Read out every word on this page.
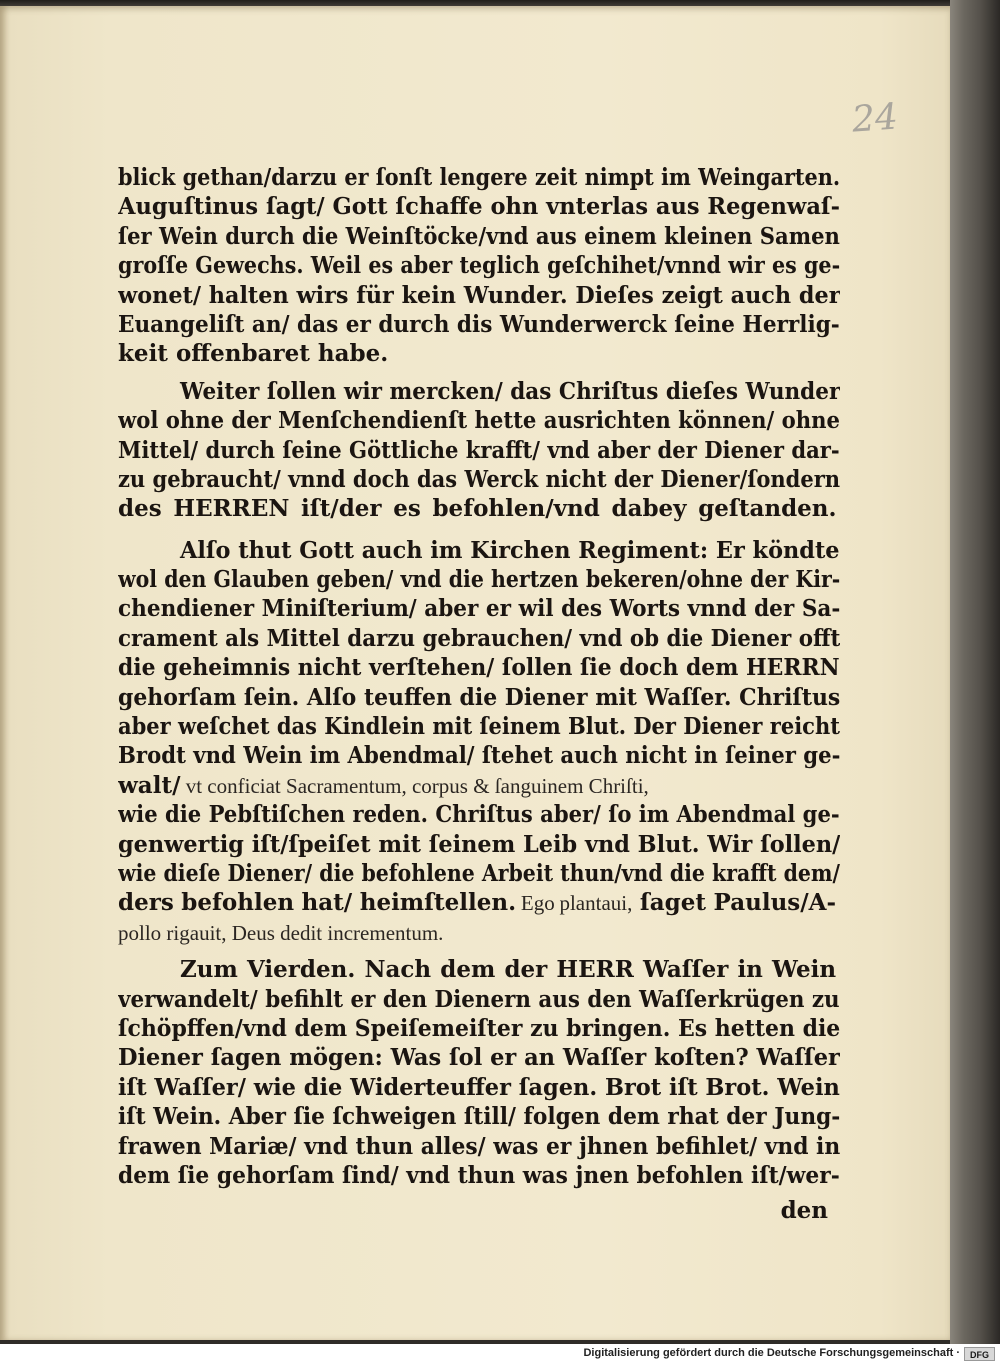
24
blick gethan/darzu er ſonſt lengere zeit nimpt im Weingarten.
Auguſtinus ſagt/ Gott ſchaffe ohn vnterlas aus Regenwaſ-
ſer Wein durch die Weinſtöcke/vnd aus einem kleinen Samen
groſſe Gewechs. Weil es aber teglich geſchihet/vnnd wir es ge-
wonet/ halten wirs für kein Wunder. Dieſes zeigt auch der
Euangeliſt an/ das er durch dis Wunderwerck ſeine Herrlig-
keit offenbaret habe.
Weiter ſollen wir mercken/ das Chriſtus dieſes Wunder
wol ohne der Menſchendienſt hette ausrichten können/ ohne
Mittel/ durch ſeine Göttliche krafft/ vnd aber der Diener dar-
zu gebraucht/ vnnd doch das Werck nicht der Diener/ſondern
des HERREN iſt/der es befohlen/vnd dabey geſtanden.
Alſo thut Gott auch im Kirchen Regiment: Er köndte
wol den Glauben geben/ vnd die hertzen bekeren/ohne der Kir-
chendiener Miniſterium/ aber er wil des Worts vnnd der Sa-
crament als Mittel darzu gebrauchen/ vnd ob die Diener offt
die geheimnis nicht verſtehen/ ſollen ſie doch dem HERRN
gehorſam ſein. Alſo teuffen die Diener mit Waſſer. Chriſtus
aber weſchet das Kindlein mit ſeinem Blut. Der Diener reicht
Brodt vnd Wein im Abendmal/ ſtehet auch nicht in ſeiner ge-
walt/ vt conficiat Sacramentum, corpus & ſanguinem Chriſti,
wie die Pebſtiſchen reden. Chriſtus aber/ ſo im Abendmal ge-
genwertig iſt/ſpeiſet mit ſeinem Leib vnd Blut. Wir ſollen/
wie dieſe Diener/ die befohlene Arbeit thun/vnd die krafft dem/
ders befohlen hat/ heimſtellen. Ego plantaui, ſaget Paulus/A-
pollo rigauit, Deus dedit incrementum.
Zum Vierden. Nach dem der HERR Waſſer in Wein
verwandelt/ befihlt er den Dienern aus den Waſſerkrügen zu
ſchöpffen/vnd dem Speiſemeiſter zu bringen. Es hetten die
Diener ſagen mögen: Was ſol er an Waſſer koſten? Waſſer
iſt Waſſer/ wie die Widerteuffer ſagen. Brot iſt Brot. Wein
iſt Wein. Aber ſie ſchweigen ſtill/ folgen dem rhat der Jung-
frawen Mariæ/ vnd thun alles/ was er jhnen befihlet/ vnd in
dem ſie gehorſam ſind/ vnd thun was jnen befohlen iſt/wer-
den
Digitalisierung gefördert durch die Deutsche Forschungsgemeinschaft ·	DFG
